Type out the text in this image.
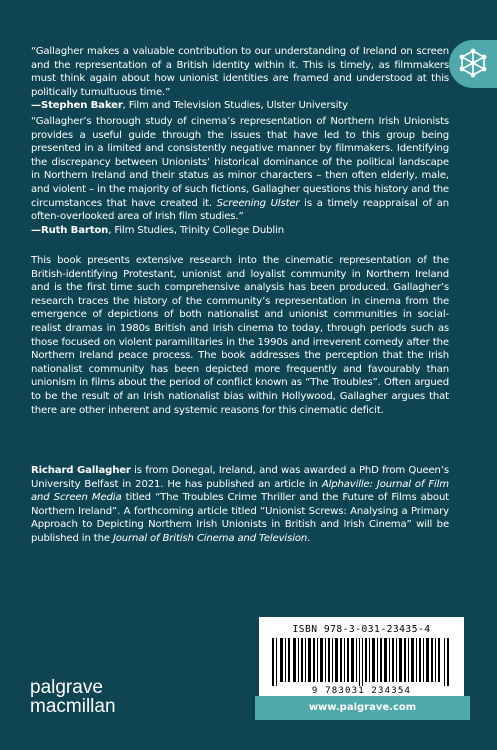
“Gallagher makes a valuable contribution to our understanding of Ireland on screen and the representation of a British identity within it. This is timely, as filmmakers must think again about how unionist identities are framed and understood at this politically tumultuous time.”
—Stephen Baker, Film and Television Studies, Ulster University
“Gallagher’s thorough study of cinema’s representation of Northern Irish Unionists provides a useful guide through the issues that have led to this group being presented in a limited and consistently negative manner by filmmakers. Identifying the discrepancy between Unionists’ historical dominance of the political landscape in Northern Ireland and their status as minor characters – then often elderly, male, and violent – in the majority of such fictions, Gallagher questions this history and the circumstances that have created it. Screening Ulster is a timely reappraisal of an often-overlooked area of Irish film studies.”
—Ruth Barton, Film Studies, Trinity College Dublin
This book presents extensive research into the cinematic representation of the British-identifying Protestant, unionist and loyalist community in Northern Ireland and is the first time such comprehensive analysis has been produced. Gallagher’s research traces the history of the community’s representation in cinema from the emergence of depictions of both nationalist and unionist communities in social-realist dramas in 1980s British and Irish cinema to today, through periods such as those focused on violent paramilitaries in the 1990s and irreverent comedy after the Northern Ireland peace process. The book addresses the perception that the Irish nationalist community has been depicted more frequently and favourably than unionism in films about the period of conflict known as “The Troubles”. Often argued to be the result of an Irish nationalist bias within Hollywood, Gallagher argues that there are other inherent and systemic reasons for this cinematic deficit.
Richard Gallagher is from Donegal, Ireland, and was awarded a PhD from Queen’s University Belfast in 2021. He has published an article in Alphaville: Journal of Film and Screen Media titled “The Troubles Crime Thriller and the Future of Films about Northern Ireland”. A forthcoming article titled “Unionist Screws: Analysing a Primary Approach to Depicting Northern Irish Unionists in British and Irish Cinema” will be published in the Journal of British Cinema and Television.
ISBN 978-3-031-23435-4
9 783031 234354
www.palgrave.com
palgrave
macmillan
